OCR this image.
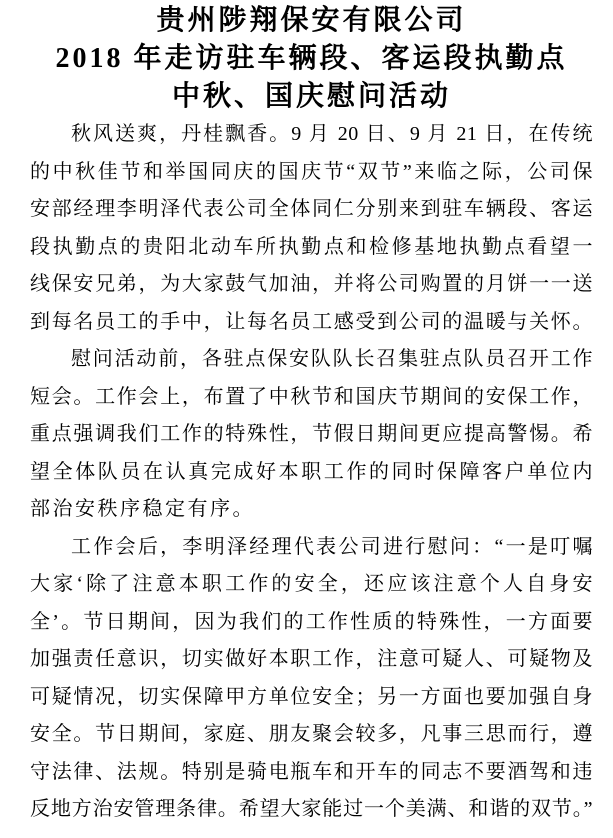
贵州陟翔保安有限公司
2018 年走访驻车辆段、客运段执勤点
中秋、国庆慰问活动
秋风送爽，丹桂飘香。9 月 20 日、9 月 21 日，在传统
的中秋佳节和举国同庆的国庆节“双节”来临之际，公司保
安部经理李明泽代表公司全体同仁分别来到驻车辆段、客运
段执勤点的贵阳北动车所执勤点和检修基地执勤点看望一
线保安兄弟，为大家鼓气加油，并将公司购置的月饼一一送
到每名员工的手中，让每名员工感受到公司的温暖与关怀。
慰问活动前，各驻点保安队队长召集驻点队员召开工作
短会。工作会上，布置了中秋节和国庆节期间的安保工作，
重点强调我们工作的特殊性，节假日期间更应提高警惕。希
望全体队员在认真完成好本职工作的同时保障客户单位内
部治安秩序稳定有序。
工作会后，李明泽经理代表公司进行慰问：“一是叮嘱
大家‘除了注意本职工作的安全，还应该注意个人自身安
全’。节日期间，因为我们的工作性质的特殊性，一方面要
加强责任意识，切实做好本职工作，注意可疑人、可疑物及
可疑情况，切实保障甲方单位安全；另一方面也要加强自身
安全。节日期间，家庭、朋友聚会较多，凡事三思而行，遵
守法律、法规。特别是骑电瓶车和开车的同志不要酒驾和违
反地方治安管理条律。希望大家能过一个美满、和谐的双节。”
